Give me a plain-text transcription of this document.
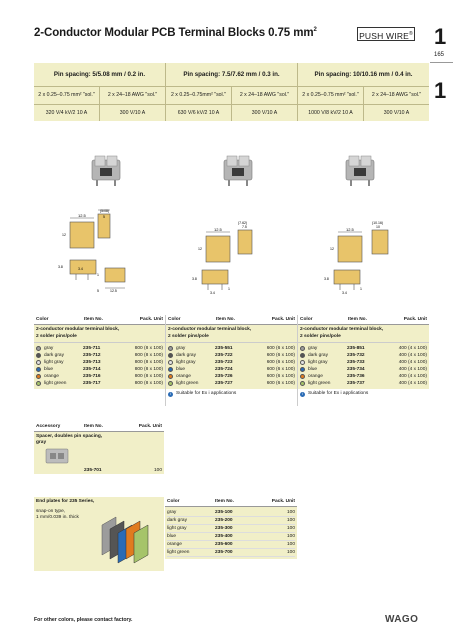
2-Conductor Modular PCB Terminal Blocks 0.75 $mm^2$
PUSH WIRE® 1
165
1
Pin spacing: 5/5.08 mm / 0.2 in.	Pin spacing: 7.5/7.62 mm / 0.3 in.	Pin spacing: 10/10.16 mm / 0.4 in.
2 x 0.25–0.75 mm² "sol."	2 x 24–18 AWG "sol."	2 x 0.25–0.75mm² "sol."	2 x 24–18 AWG "sol."	2 x 0.25–0.75 mm² "sol."	2 x 24–18 AWG "sol."
320 V/4 kV/2 10 A	300 V/10 A	630 V/6 kV/2 10 A	300 V/10 A	1000 V/8 kV/2 10 A	300 V/10 A
12.5
(5/08)
5
12
3.8	3.4
1
5	12.5
12.5
(7.62)
7.5
12
3.8
3.4
1
12.5
(10.16)
10
12
3.8
3.4
1
Color	Item No.	Pack. Unit
2-conductor modular terminal block,
2 solder pins/pole
gray	235-711	800 (8 x 100)
dark gray	235-712	800 (8 x 100)
light gray	235-713	800 (8 x 100)
blue	235-714	800 (8 x 100)
orange	235-716	800 (8 x 100)
light green	235-717	800 (8 x 100)
Color	Item No.	Pack. Unit
2-conductor modular terminal block,
2 solder pins/pole
gray	235-551	600 (6 x 100)
dark gray	235-722	600 (6 x 100)
light gray	235-723	600 (6 x 100)
blue	235-724	600 (6 x 100)
orange	235-726	600 (6 x 100)
light green	235-727	600 (6 x 100)
i	Suitable for Ex i applications
Color	Item No.	Pack. Unit
2-conductor modular terminal block,
2 solder pins/pole
gray	235-851	400 (4 x 100)
dark gray	235-732	400 (4 x 100)
light gray	235-733	400 (4 x 100)
blue	235-734	400 (4 x 100)
orange	235-736	400 (4 x 100)
light green	235-737	400 (4 x 100)
i	Suitable for Ex i applications
Accessory	Item No.	Pack. Unit
Spacer, doubles pin spacing,
gray
235-701	100
End plates for 235 Series,
snap-on type,
1 mm/0.039 in. thick
Color	Item No.	Pack. Unit
gray	235-100	100
dark gray	235-200	100
light gray	235-300	100
blue	235-400	100
orange	235-600	100
light green	235-700	100
For other colors, please contact factory.	WAGO
